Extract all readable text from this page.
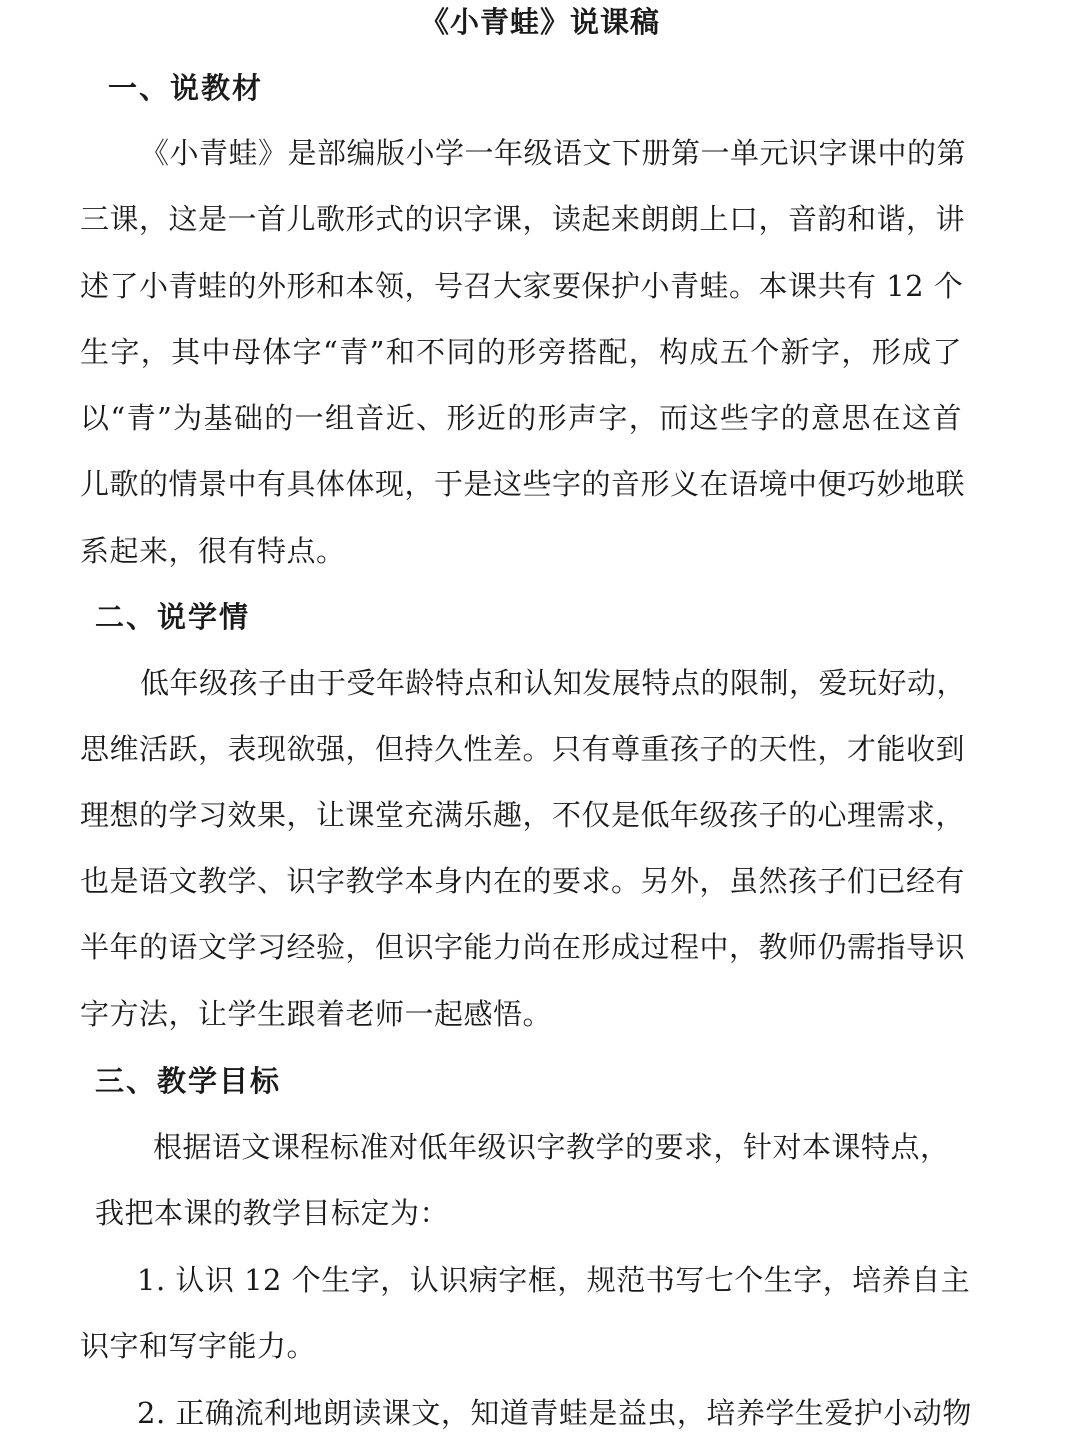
《小青蛙》说课稿
一、说教材
《小青蛙》是部编版小学一年级语文下册第一单元识字课中的第
三课，这是一首儿歌形式的识字课，读起来朗朗上口，音韵和谐，讲
述了小青蛙的外形和本领，号召大家要保护小青蛙。本课共有 12 个
生字，其中母体字“青”和不同的形旁搭配，构成五个新字，形成了
以“青”为基础的一组音近、形近的形声字，而这些字的意思在这首
儿歌的情景中有具体体现，于是这些字的音形义在语境中便巧妙地联
系起来，很有特点。
二、说学情
低年级孩子由于受年龄特点和认知发展特点的限制，爱玩好动，
思维活跃，表现欲强，但持久性差。只有尊重孩子的天性，才能收到
理想的学习效果，让课堂充满乐趣，不仅是低年级孩子的心理需求，
也是语文教学、识字教学本身内在的要求。另外，虽然孩子们已经有
半年的语文学习经验，但识字能力尚在形成过程中，教师仍需指导识
字方法，让学生跟着老师一起感悟。
三、教学目标
根据语文课程标准对低年级识字教学的要求，针对本课特点，
我把本课的教学目标定为：
1. 认识 12 个生字，认识病字框，规范书写七个生字，培养自主
识字和写字能力。
2. 正确流利地朗读课文，知道青蛙是益虫，培养学生爱护小动物
